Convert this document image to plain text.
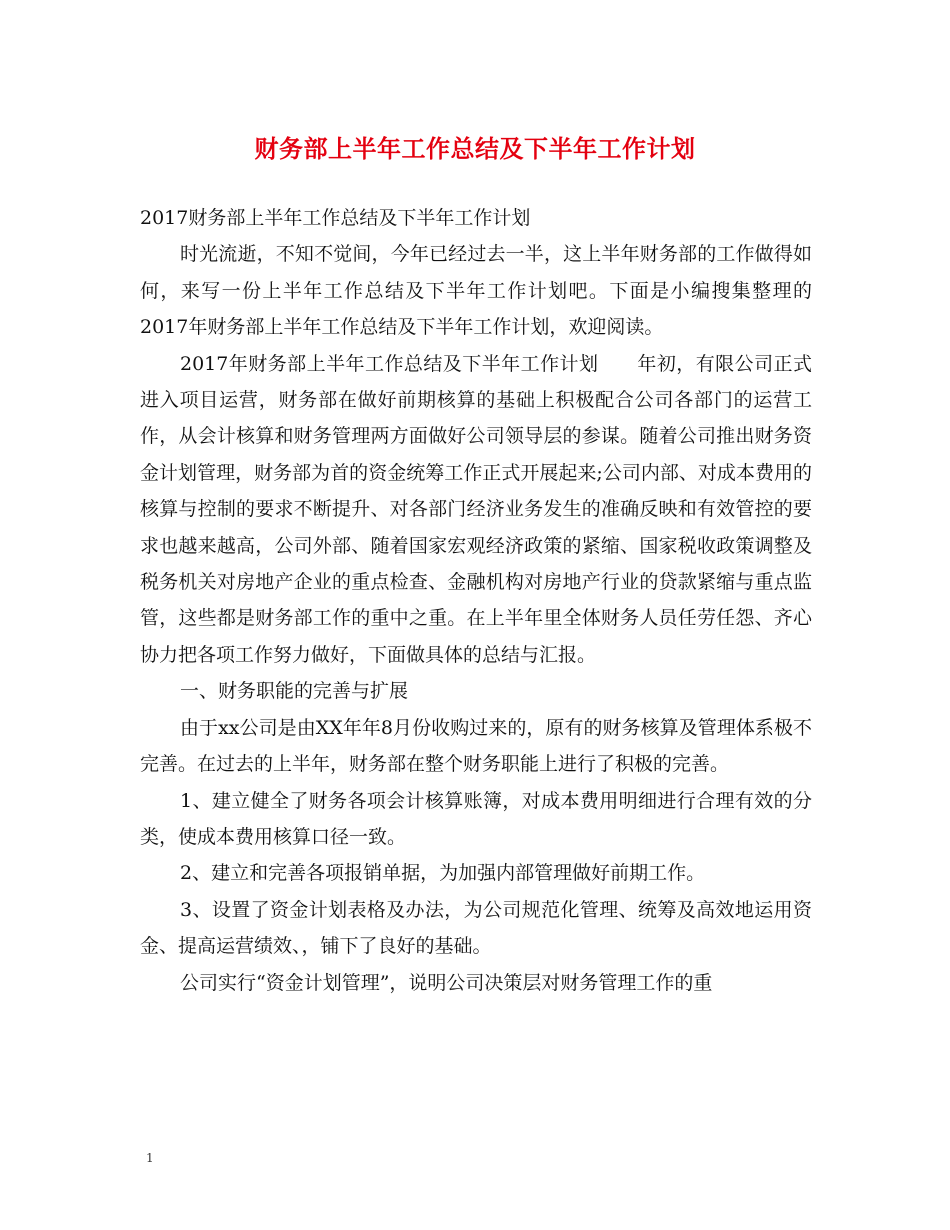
财务部上半年工作总结及下半年工作计划

2017财务部上半年工作总结及下半年工作计划

时光流逝，不知不觉间，今年已经过去一半，这上半年财务部的工作做得如何，来写一份上半年工作总结及下半年工作计划吧。下面是小编搜集整理的2017年财务部上半年工作总结及下半年工作计划，欢迎阅读。

2017年财务部上半年工作总结及下半年工作计划　　年初，有限公司正式进入项目运营，财务部在做好前期核算的基础上积极配合公司各部门的运营工作，从会计核算和财务管理两方面做好公司领导层的参谋。随着公司推出财务资金计划管理，财务部为首的资金统筹工作正式开展起来;公司内部、对成本费用的核算与控制的要求不断提升、对各部门经济业务发生的准确反映和有效管控的要求也越来越高，公司外部、随着国家宏观经济政策的紧缩、国家税收政策调整及税务机关对房地产企业的重点检查、金融机构对房地产行业的贷款紧缩与重点监管，这些都是财务部工作的重中之重。在上半年里全体财务人员任劳任怨、齐心协力把各项工作努力做好，下面做具体的总结与汇报。

一、财务职能的完善与扩展

由于xx公司是由XX年年8月份收购过来的，原有的财务核算及管理体系极不完善。在过去的上半年，财务部在整个财务职能上进行了积极的完善。

1、建立健全了财务各项会计核算账簿，对成本费用明细进行合理有效的分类，使成本费用核算口径一致。

2、建立和完善各项报销单据，为加强内部管理做好前期工作。

3、设置了资金计划表格及办法，为公司规范化管理、统筹及高效地运用资金、提高运营绩效、，铺下了良好的基础。

公司实行“资金计划管理”，说明公司决策层对财务管理工作的重

1
